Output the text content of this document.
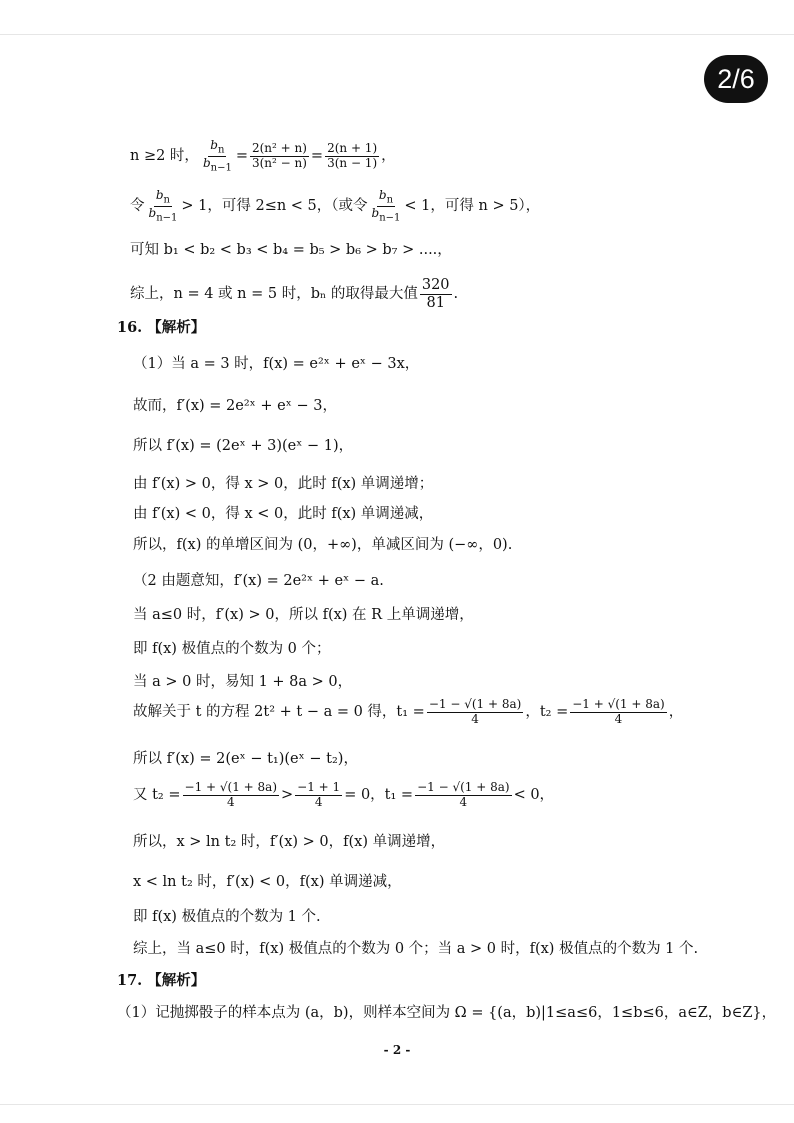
2/6
n ≥2 时， $\frac{b_n}{b_{n-1}} = \frac{\text{2(n² + n)}}{\text{3(n² − n)}} = \frac{2(n + 1)}{3(n - 1)}$ ，
令 $\frac{b_n}{b_{n-1}} > 1$，可得 2≤n < 5，（或令 $\frac{b_n}{b_{n-1}} < 1$，可得 n > 5），
可知 b₁ < b₂ < b₃ < b₄ = b₅ > b₆ > b₇ > ....，
综上，n = 4 或 n = 5 时，bₙ 的取得最大值 $\frac{320}{81}$ .
16. 【解析】
（1）当 a = 3 时，f(x) = e²ˣ + eˣ − 3x，
故而，f′(x) = 2e²ˣ + eˣ − 3，
所以 f′(x) = (2eˣ + 3)(eˣ − 1)，
由 f′(x) > 0，得 x > 0，此时 f(x) 单调递增；
由 f′(x) < 0，得 x < 0，此时 f(x) 单调递减，
所以，f(x) 的单增区间为 (0，+∞)，单减区间为 (−∞，0).
（2 由题意知，f′(x) = 2e²ˣ + eˣ − a.
当 a≤0 时，f′(x) > 0，所以 f(x) 在 R 上单调递增，
即 f(x) 极值点的个数为 0 个；
当 a > 0 时，易知 1 + 8a > 0，
故解关于 t 的方程 2t² + t − a = 0 得，$t_1 = \frac{-1 - √(1 + 8a)}{4}$ ，$t_2 = \frac{-1 + √(1 + 8a)}{4}$ ，
所以 f′(x) = 2(eˣ − t₁)(eˣ − t₂)，
又 $t_2 = \frac{-1 + √(1 + 8a)}{4} > \frac{-1 + 1}{4} = 0$，$t_1 = \frac{-1 - √(1 + 8a)}{4} < 0$，
所以，x > ln t₂ 时，f′(x) > 0，f(x) 单调递增，
x < ln t₂ 时，f′(x) < 0，f(x) 单调递减，
即 f(x) 极值点的个数为 1 个.
综上，当 a≤0 时，f(x) 极值点的个数为 0 个；当 a > 0 时，f(x) 极值点的个数为 1 个.
17. 【解析】
（1）记抛掷骰子的样本点为 (a，b)，则样本空间为 Ω = {(a，b)|1≤a≤6，1≤b≤6，a∈Z，b∈Z}，
- 2 -
